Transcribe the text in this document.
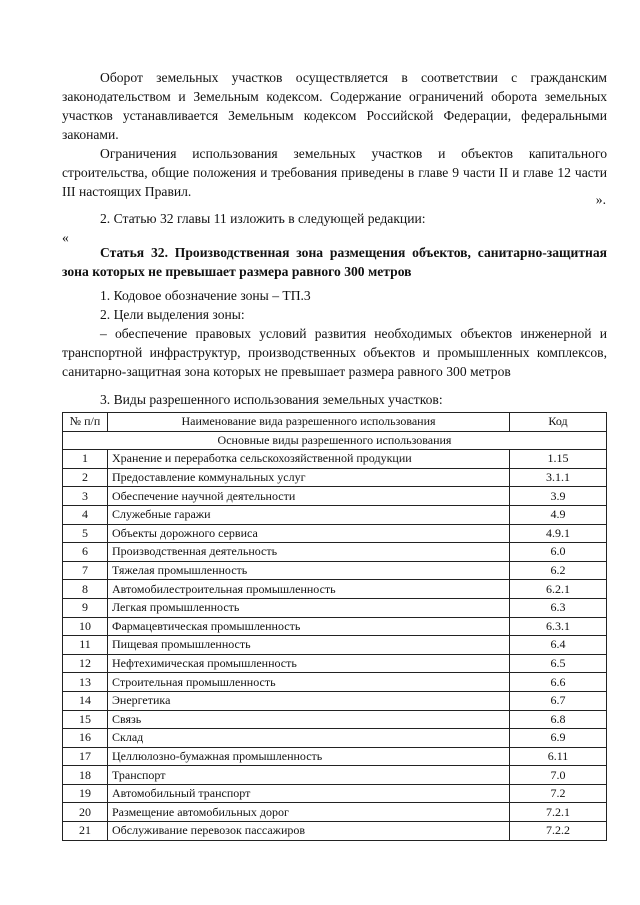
Оборот земельных участков осуществляется в соответствии с гражданским законодательством и Земельным кодексом. Содержание ограничений оборота земельных участков устанавливается Земельным кодексом Российской Федерации, федеральными законами.
Ограничения использования земельных участков и объектов капитального строительства, общие положения и требования приведены в главе 9 части II и главе 12 части III настоящих Правил.
».
2. Статью 32 главы 11 изложить в следующей редакции:
«
Статья 32. Производственная зона размещения объектов, санитарно-защитная зона которых не превышает размера равного 300 метров
1. Кодовое обозначение зоны – ТП.3
2. Цели выделения зоны:
– обеспечение правовых условий развития необходимых объектов инженерной и транспортной инфраструктур, производственных объектов и промышленных комплексов, санитарно-защитная зона которых не превышает размера равного 300 метров
3. Виды разрешенного использования земельных участков:
№ п/п	Наименование вида разрешенного использования	Код
Основные виды разрешенного использования		
1	Хранение и переработка сельскохозяйственной продукции	1.15
2	Предоставление коммунальных услуг	3.1.1
3	Обеспечение научной деятельности	3.9
4	Служебные гаражи	4.9
5	Объекты дорожного сервиса	4.9.1
6	Производственная деятельность	6.0
7	Тяжелая промышленность	6.2
8	Автомобилестроительная промышленность	6.2.1
9	Легкая промышленность	6.3
10	Фармацевтическая промышленность	6.3.1
11	Пищевая промышленность	6.4
12	Нефтехимическая промышленность	6.5
13	Строительная промышленность	6.6
14	Энергетика	6.7
15	Связь	6.8
16	Склад	6.9
17	Целлюлозно-бумажная промышленность	6.11
18	Транспорт	7.0
19	Автомобильный транспорт	7.2
20	Размещение автомобильных дорог	7.2.1
21	Обслуживание перевозок пассажиров	7.2.2
